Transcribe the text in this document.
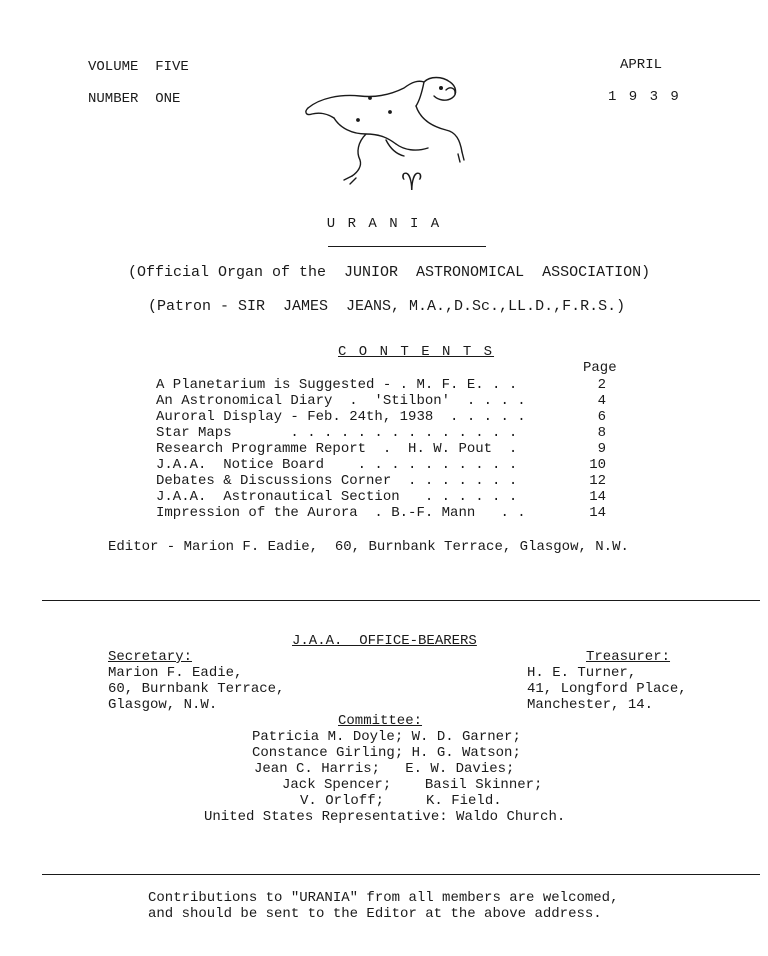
VOLUME  FIVE
NUMBER  ONE
APRIL
1 9 3 9
♈
U R A N I A
(Official Organ of the  JUNIOR  ASTRONOMICAL  ASSOCIATION)
(Patron - SIR  JAMES  JEANS, M.A.,D.Sc.,LL.D.,F.R.S.)
C O N T E N T S
Page
A Planetarium is Suggested - . M. F. E. . .	2
An Astronomical Diary  .  'Stilbon'  . . . .	4
Auroral Display - Feb. 24th, 1938  . . . . .	6
Star Maps       . . . . . . . . . . . . . .	8
Research Programme Report  .  H. W. Pout  .	9
J.A.A.  Notice Board    . . . . . . . . . .	10
Debates & Discussions Corner  . . . . . . .	12
J.A.A.  Astronautical Section   . . . . . .	14
Impression of the Aurora  . B.-F. Mann   . .	14
Editor - Marion F. Eadie,  60, Burnbank Terrace, Glasgow, N.W.
J.A.A.  OFFICE-BEARERS
Secretary:
Marion F. Eadie,
60, Burnbank Terrace,
Glasgow, N.W.
Treasurer:
H. E. Turner,
41, Longford Place,
Manchester, 14.
Committee:
Patricia M. Doyle; W. D. Garner;
Constance Girling; H. G. Watson;
Jean C. Harris;   E. W. Davies;
Jack Spencer;    Basil Skinner;
V. Orloff;     K. Field.
United States Representative: Waldo Church.
Contributions to "URANIA" from all members are welcomed,
and should be sent to the Editor at the above address.
